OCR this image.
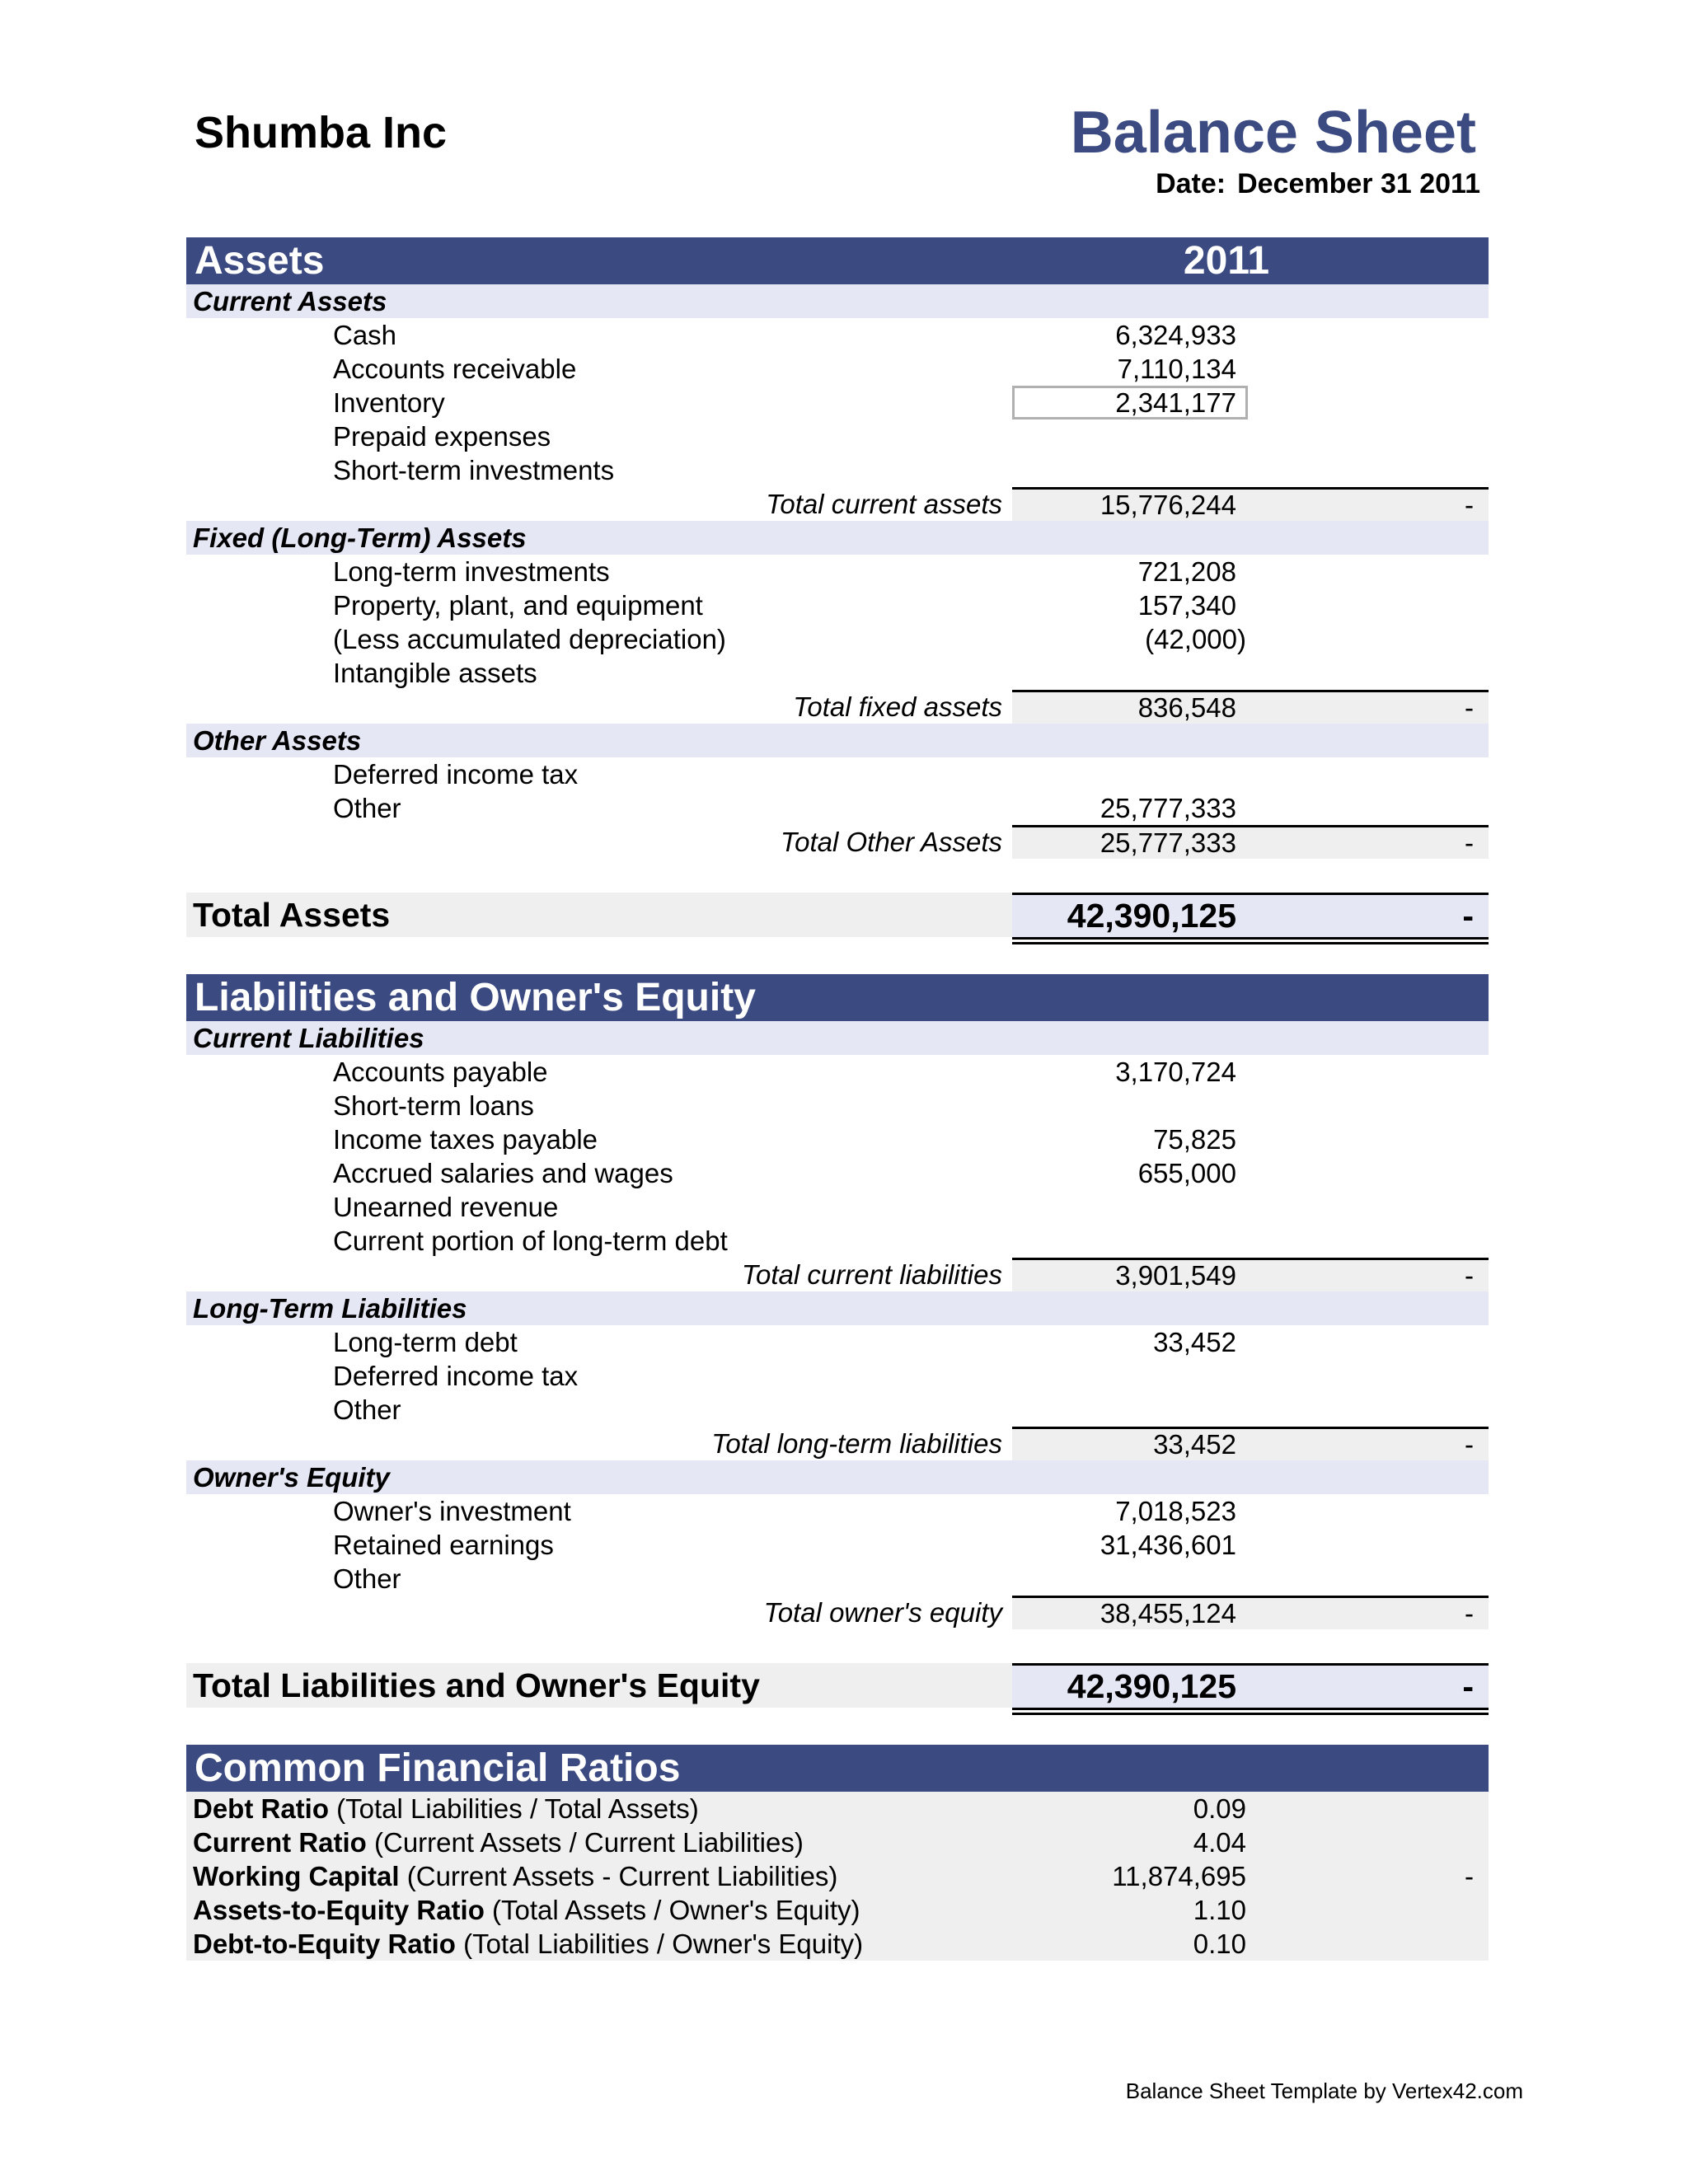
Shumba Inc	Balance Sheet
Date: December 31 2011
Assets	2011
Current Assets
Cash	6,324,933
Accounts receivable	7,110,134
Inventory	2,341,177
Prepaid expenses
Short-term investments
Total current assets	15,776,244	-
Fixed (Long-Term) Assets
Long-term investments	721,208
Property, plant, and equipment	157,340
(Less accumulated depreciation)	(42,000)
Intangible assets
Total fixed assets	836,548	-
Other Assets
Deferred income tax
Other	25,777,333
Total Other Assets	25,777,333	-
Total Assets	42,390,125	-
Liabilities and Owner's Equity
Current Liabilities
Accounts payable	3,170,724
Short-term loans
Income taxes payable	75,825
Accrued salaries and wages	655,000
Unearned revenue
Current portion of long-term debt
Total current liabilities	3,901,549	-
Long-Term Liabilities
Long-term debt	33,452
Deferred income tax
Other
Total long-term liabilities	33,452	-
Owner's Equity
Owner's investment	7,018,523
Retained earnings	31,436,601
Other
Total owner's equity	38,455,124	-
Total Liabilities and Owner's Equity	42,390,125	-
Common Financial Ratios
Debt Ratio (Total Liabilities / Total Assets)	0.09
Current Ratio (Current Assets / Current Liabilities)	4.04
Working Capital (Current Assets - Current Liabilities)	11,874,695	-
Assets-to-Equity Ratio (Total Assets / Owner's Equity)	1.10
Debt-to-Equity Ratio (Total Liabilities / Owner's Equity)	0.10
Balance Sheet Template by Vertex42.com
